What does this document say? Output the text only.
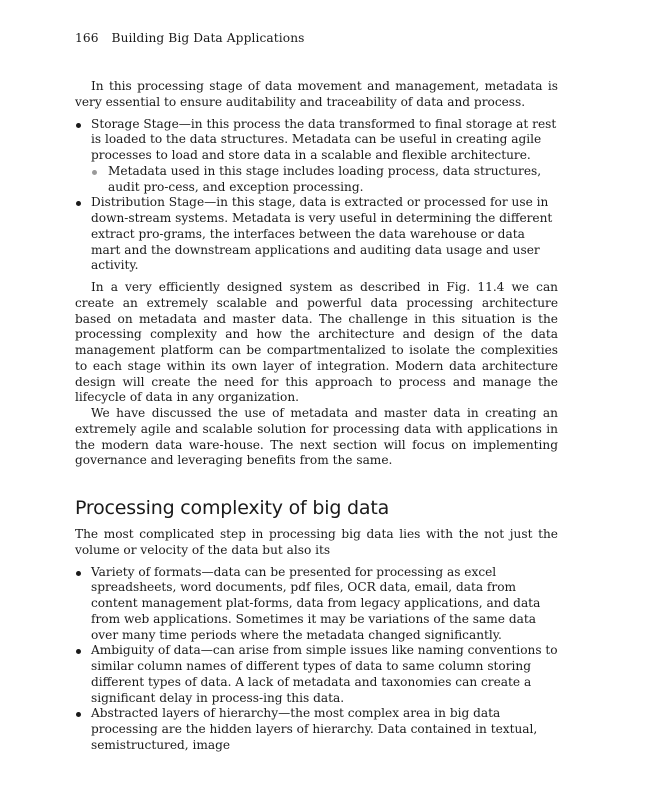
166 Building Big Data Applications

In this processing stage of data movement and management, metadata is very essential to ensure auditability and traceability of data and process.

Storage Stage—in this process the data transformed to final storage at rest is loaded to the data structures. Metadata can be useful in creating agile processes to load and store data in a scalable and flexible architecture.
Metadata used in this stage includes loading process, data structures, audit pro-cess, and exception processing.
Distribution Stage—in this stage, data is extracted or processed for use in down-stream systems. Metadata is very useful in determining the different extract pro-grams, the interfaces between the data warehouse or data mart and the downstream applications and auditing data usage and user activity.

In a very efficiently designed system as described in Fig. 11.4 we can create an extremely scalable and powerful data processing architecture based on metadata and master data. The challenge in this situation is the processing complexity and how the architecture and design of the data management platform can be compartmentalized to isolate the complexities to each stage within its own layer of integration. Modern data architecture design will create the need for this approach to process and manage the lifecycle of data in any organization.

We have discussed the use of metadata and master data in creating an extremely agile and scalable solution for processing data with applications in the modern data ware-house. The next section will focus on implementing governance and leveraging benefits from the same.

Processing complexity of big data

The most complicated step in processing big data lies with the not just the volume or velocity of the data but also its

Variety of formats—data can be presented for processing as excel spreadsheets, word documents, pdf files, OCR data, email, data from content management plat-forms, data from legacy applications, and data from web applications. Sometimes it may be variations of the same data over many time periods where the metadata changed significantly.
Ambiguity of data—can arise from simple issues like naming conventions to similar column names of different types of data to same column storing different types of data. A lack of metadata and taxonomies can create a significant delay in process-ing this data.
Abstracted layers of hierarchy—the most complex area in big data processing are the hidden layers of hierarchy. Data contained in textual, semistructured, image
